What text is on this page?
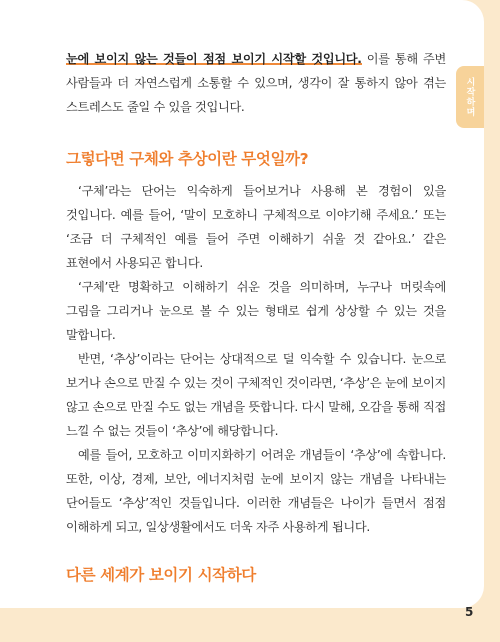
시작하며

눈에 보이지 않는 것들이 점점 보이기 시작할 것입니다. 이를 통해 주변 사람들과 더 자연스럽게 소통할 수 있으며, 생각이 잘 통하지 않아 겪는 스트레스도 줄일 수 있을 것입니다.

그렇다면 구체와 추상이란 무엇일까?

‘구체’라는 단어는 익숙하게 들어보거나 사용해 본 경험이 있을 것입니다. 예를 들어, ‘말이 모호하니 구체적으로 이야기해 주세요.’ 또는 ‘조금 더 구체적인 예를 들어 주면 이해하기 쉬울 것 같아요.’ 같은 표현에서 사용되곤 합니다.

‘구체’란 명확하고 이해하기 쉬운 것을 의미하며, 누구나 머릿속에 그림을 그리거나 눈으로 볼 수 있는 형태로 쉽게 상상할 수 있는 것을 말합니다.

반면, ‘추상’이라는 단어는 상대적으로 덜 익숙할 수 있습니다. 눈으로 보거나 손으로 만질 수 있는 것이 구체적인 것이라면, ‘추상’은 눈에 보이지 않고 손으로 만질 수도 없는 개념을 뜻합니다. 다시 말해, 오감을 통해 직접 느낄 수 없는 것들이 ‘추상’에 해당합니다.

예를 들어, 모호하고 이미지화하기 어려운 개념들이 ‘추상’에 속합니다. 또한, 이상, 경제, 보안, 에너지처럼 눈에 보이지 않는 개념을 나타내는 단어들도 ‘추상’적인 것들입니다. 이러한 개념들은 나이가 들면서 점점 이해하게 되고, 일상생활에서도 더욱 자주 사용하게 됩니다.

다른 세계가 보이기 시작하다
5
